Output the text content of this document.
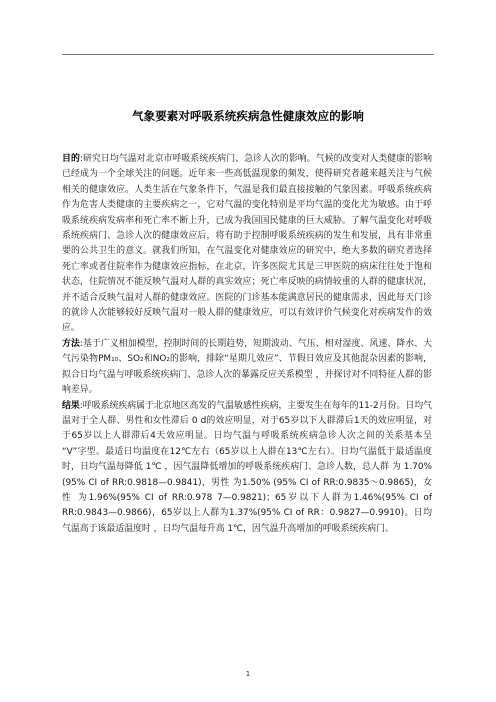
气象要素对呼吸系统疾病急性健康效应的影响

目的:研究日均气温对北京市呼吸系统疾病门、急诊人次的影响。气候的改变对人类健康的影响已经成为一个全球关注的问题。近年来一些高低温现象的频发，使得研究者越来越关注与气候相关的健康效应。人类生活在气象条件下，气温是我们最直接接触的气象因素。呼吸系统疾病作为危害人类健康的主要疾病之一，它对气温的变化特别是平均气温的变化尤为敏感。由于呼吸系统疾病发病率和死亡率不断上升，已成为我国国民健康的巨大威胁。了解气温变化对呼吸系统疾病门、急诊人次的健康效应后，将有助于控制呼吸系统疾病的发生和发展，具有非常重要的公共卫生的意义。就我们所知，在气温变化对健康效应的研究中，绝大多数的研究者选择死亡率或者住院率作为健康效应指标，在北京，许多医院尤其是三甲医院的病床往往处于饱和状态，住院情况不能反映气温对人群的真实效应；死亡率反映的病情较重的人群的健康状况，并不适合反映气温对人群的健康效应。医院的门诊基本能满意居民的健康需求，因此每天门诊的就诊人次能够较好反映气温对一般人群的健康效应，可以有效评价气候变化对疾病发作的效应。

方法:基于广义相加模型，控制时间的长期趋势，短期波动、气压、相对湿度、风速、降水、大气污染物PM₁₀、SO₂和NO₂的影响，排除“星期几效应”、节假日效应及其他混杂因素的影响，拟合日均气温与呼吸系统疾病门、急诊人次的暴露反应关系模型 ，并探讨对不同特征人群的影响差异。

结果:呼吸系统疾病属于北京地区高发的气温敏感性疾病，主要发生在每年的11-2月份。日均气温对于全人群、男性和女性滞后 0 d的效应明显，对于65岁以下人群滞后1天的效应明显，对于65岁以上人群滞后4天效应明显。日均气温与呼吸系统疾病急诊人次之间的关系基本呈 “V”字型。最适日均温度在12℃左右（65岁以上人群在13℃左右）。日均气温低于最适温度时，日均气温每降低 1℃ ，因气温降低增加的呼吸系统疾病门、急诊人数，总人群 为 1.70%(95% CI of RR:0.9818—0.9841)，男性 为1.50% (95% CI of RR:0.9835～0.9865)，女性 为1.96%(95% CI of RR:0.978 7—0.9821)；65岁以下人群为1.46%(95% CI of RR:0.9843—0.9866)，65岁以上人群为1.37%(95% CI of RR：0.9827—0.9910)。日均气温高于该最适温度时 ，日均气温每升高 1℃，因气温升高增加的呼吸系统疾病门、

1
